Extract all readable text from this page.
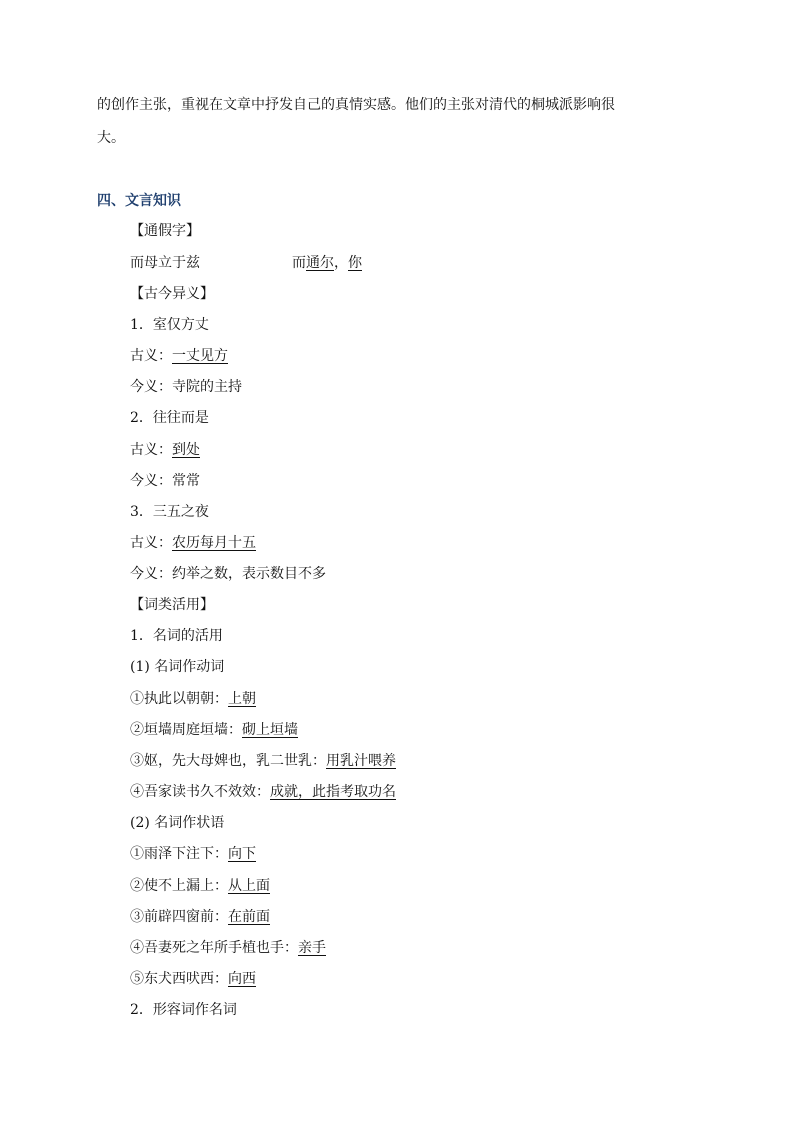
的创作主张，重视在文章中抒发自己的真情实感。他们的主张对清代的桐城派影响很
大。
四、文言知识
【通假字】
而母立于兹	而通尔，你
【古今异义】
1．室仅方丈
古义：一丈见方
今义：寺院的主持
2．往往而是
古义：到处
今义：常常
3．三五之夜
古义：农历每月十五
今义：约举之数，表示数目不多
【词类活用】
1．名词的活用
(1) 名词作动词
①执此以朝朝：上朝
②垣墙周庭垣墙：砌上垣墙
③妪，先大母婢也，乳二世乳：用乳汁喂养
④吾家读书久不效效：成就，此指考取功名
(2) 名词作状语
①雨泽下注下：向下
②使不上漏上：从上面
③前辟四窗前：在前面
④吾妻死之年所手植也手：亲手
⑤东犬西吠西：向西
2．形容词作名词
